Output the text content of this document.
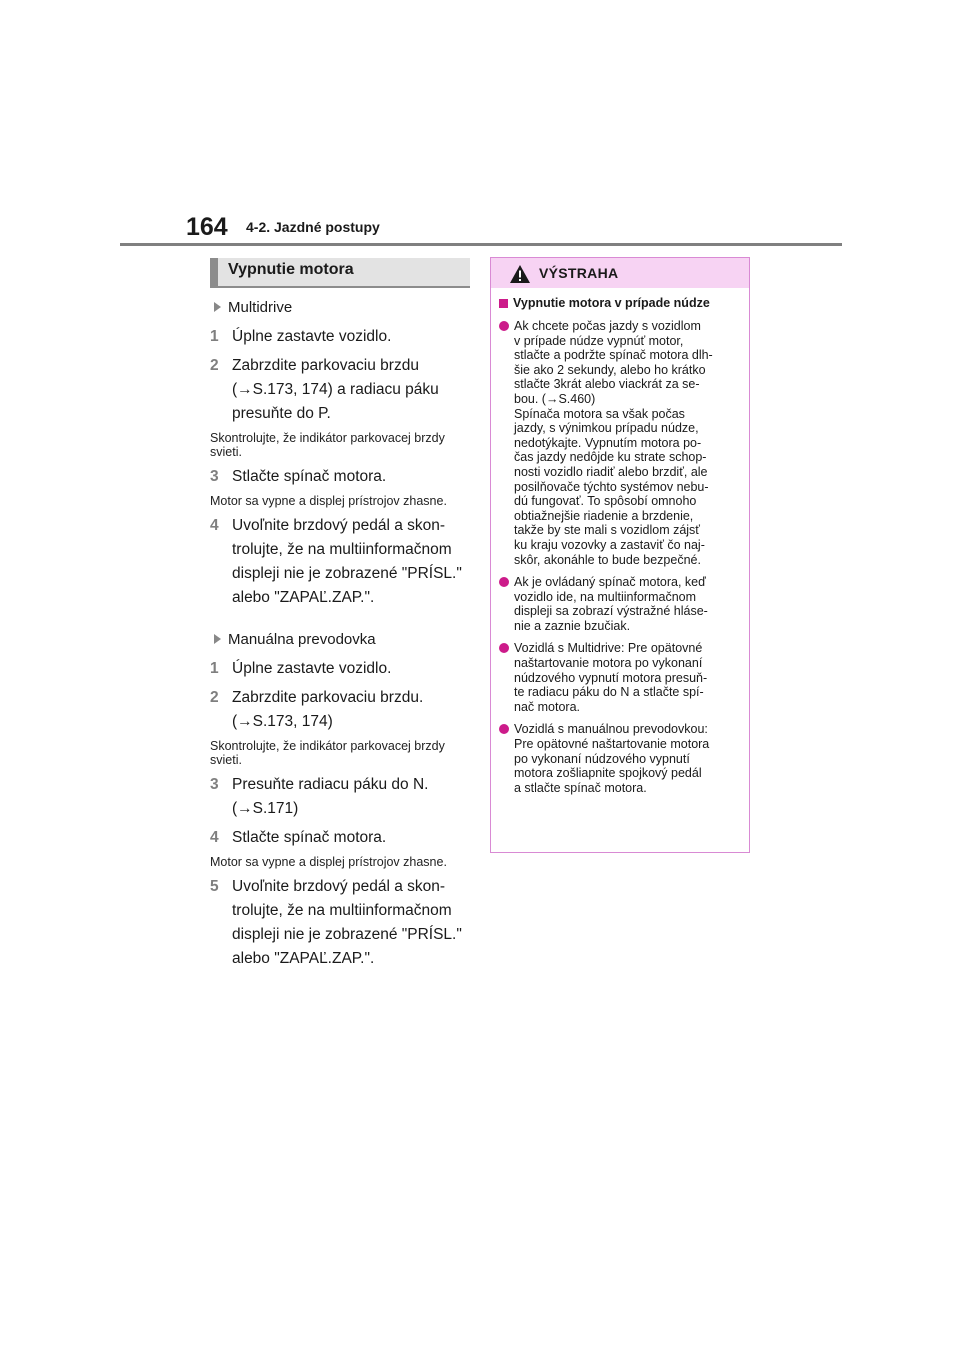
164 4-2. Jazdné postupy
Vypnutie motora
Multidrive
1 Úplne zastavte vozidlo.
2 Zabrzdite parkovaciu brzdu (→S.173, 174) a radiacu páku presuňte do P.
Skontrolujte, že indikátor parkovacej brzdy svieti.
3 Stlačte spínač motora.
Motor sa vypne a displej prístrojov zhasne.
4 Uvoľnite brzdový pedál a skon-trolujte, že na multiinformačnom displeji nie je zobrazené "PRÍSL." alebo "ZAPAĽ.ZAP.".
Manuálna prevodovka
1 Úplne zastavte vozidlo.
2 Zabrzdite parkovaciu brzdu. (→S.173, 174)
Skontrolujte, že indikátor parkovacej brzdy svieti.
3 Presuňte radiacu páku do N. (→S.171)
4 Stlačte spínač motora.
Motor sa vypne a displej prístrojov zhasne.
5 Uvoľnite brzdový pedál a skon-trolujte, že na multiinformačnom displeji nie je zobrazené "PRÍSL." alebo "ZAPAĽ.ZAP.".
VÝSTRAHA
Vypnutie motora v prípade núdze
Ak chcete počas jazdy s vozidlom
v prípade núdze vypnúť motor,
stlačte a podržte spínač motora dlh-
šie ako 2 sekundy, alebo ho krátko
stlačte 3krát alebo viackrát za se-
bou. (→S.460)
Spínača motora sa však počas
jazdy, s výnimkou prípadu núdze,
nedotýkajte. Vypnutím motora po-
čas jazdy nedôjde ku strate schop-
nosti vozidlo riadiť alebo brzdiť, ale
posilňovače týchto systémov nebu-
dú fungovať. To spôsobí omnoho
obtiažnejšie riadenie a brzdenie,
takže by ste mali s vozidlom zájsť
ku kraju vozovky a zastaviť čo naj-
skôr, akonáhle to bude bezpečné.
Ak je ovládaný spínač motora, keď
vozidlo ide, na multiinformačnom
displeji sa zobrazí výstražné hláse-
nie a zaznie bzučiak.
Vozidlá s Multidrive: Pre opätovné
naštartovanie motora po vykonaní
núdzového vypnutí motora presuň-
te radiacu páku do N a stlačte spí-
nač motora.
Vozidlá s manuálnou prevodovkou:
Pre opätovné naštartovanie motora
po vykonaní núdzového vypnutí
motora zošliapnite spojkový pedál
a stlačte spínač motora.
